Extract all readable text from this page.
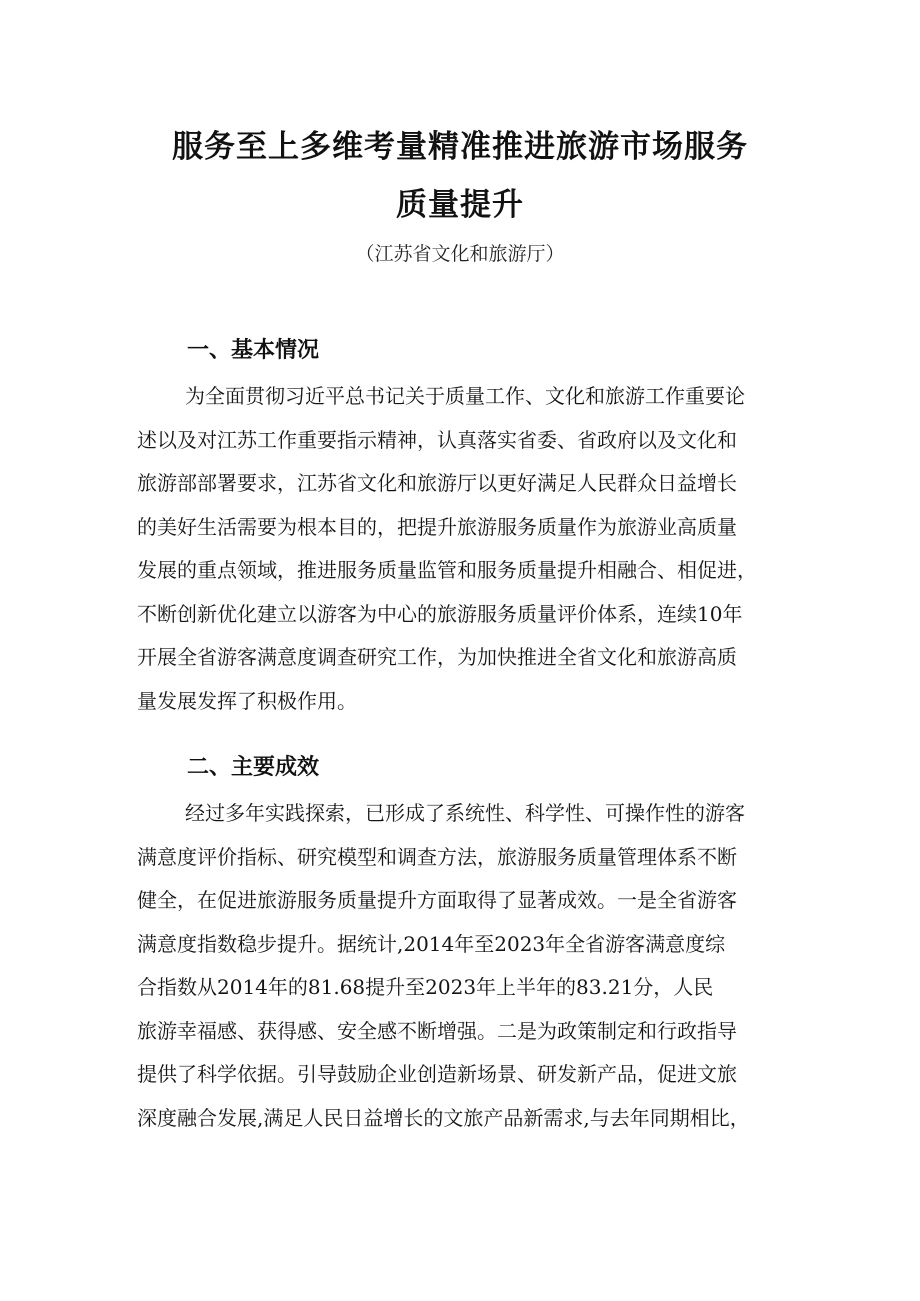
服务至上多维考量精准推进旅游市场服务
质量提升
（江苏省文化和旅游厅）
一、基本情况
为全面贯彻习近平总书记关于质量工作、文化和旅游工作重要论
述以及对江苏工作重要指示精神，认真落实省委、省政府以及文化和
旅游部部署要求，江苏省文化和旅游厅以更好满足人民群众日益增长
的美好生活需要为根本目的，把提升旅游服务质量作为旅游业高质量
发展的重点领域，推进服务质量监管和服务质量提升相融合、相促进，
不断创新优化建立以游客为中心的旅游服务质量评价体系，连续10年
开展全省游客满意度调查研究工作，为加快推进全省文化和旅游高质
量发展发挥了积极作用。
二、主要成效
经过多年实践探索，已形成了系统性、科学性、可操作性的游客
满意度评价指标、研究模型和调查方法，旅游服务质量管理体系不断
健全，在促进旅游服务质量提升方面取得了显著成效。一是全省游客
满意度指数稳步提升。据统计,2014年至2023年全省游客满意度综
合指数从2014年的81.68提升至2023年上半年的83.21分，人民
旅游幸福感、获得感、安全感不断增强。二是为政策制定和行政指导
提供了科学依据。引导鼓励企业创造新场景、研发新产品，促进文旅
深度融合发展,满足人民日益增长的文旅产品新需求,与去年同期相比，
